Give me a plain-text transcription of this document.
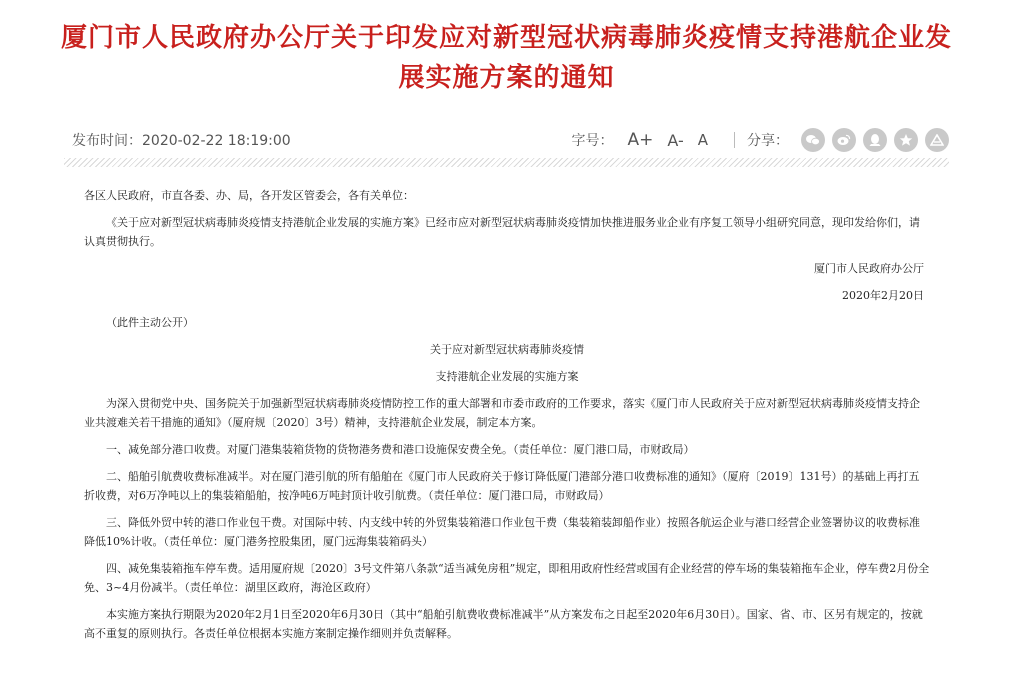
厦门市人民政府办公厅关于印发应对新型冠状病毒肺炎疫情支持港航企业发展实施方案的通知
发布时间：2020-02-22 18:19:00	字号： A+ A- A	分享：

各区人民政府，市直各委、办、局，各开发区管委会，各有关单位：

《关于应对新型冠状病毒肺炎疫情支持港航企业发展的实施方案》已经市应对新型冠状病毒肺炎疫情加快推进服务业企业有序复工领导小组研究同意，现印发给你们，请认真贯彻执行。

厦门市人民政府办公厅

2020年2月20日

（此件主动公开）

关于应对新型冠状病毒肺炎疫情

支持港航企业发展的实施方案

为深入贯彻党中央、国务院关于加强新型冠状病毒肺炎疫情防控工作的重大部署和市委市政府的工作要求，落实《厦门市人民政府关于应对新型冠状病毒肺炎疫情支持企业共渡难关若干措施的通知》（厦府规〔2020〕3号）精神，支持港航企业发展，制定本方案。

一、减免部分港口收费。对厦门港集装箱货物的货物港务费和港口设施保安费全免。（责任单位：厦门港口局，市财政局）

二、船舶引航费收费标准减半。对在厦门港引航的所有船舶在《厦门市人民政府关于修订降低厦门港部分港口收费标准的通知》（厦府〔2019〕131号）的基础上再打五折收费，对6万净吨以上的集装箱船舶，按净吨6万吨封顶计收引航费。（责任单位：厦门港口局，市财政局）

三、降低外贸中转的港口作业包干费。对国际中转、内支线中转的外贸集装箱港口作业包干费（集装箱装卸船作业）按照各航运企业与港口经营企业签署协议的收费标准降低10%计收。（责任单位：厦门港务控股集团，厦门远海集装箱码头）

四、减免集装箱拖车停车费。适用厦府规〔2020〕3号文件第八条款“适当减免房租”规定，即租用政府性经营或国有企业经营的停车场的集装箱拖车企业，停车费2月份全免、3~4月份减半。（责任单位：湖里区政府，海沧区政府）

本实施方案执行期限为2020年2月1日至2020年6月30日（其中“船舶引航费收费标准减半”从方案发布之日起至2020年6月30日）。国家、省、市、区另有规定的，按就高不重复的原则执行。各责任单位根据本实施方案制定操作细则并负责解释。
